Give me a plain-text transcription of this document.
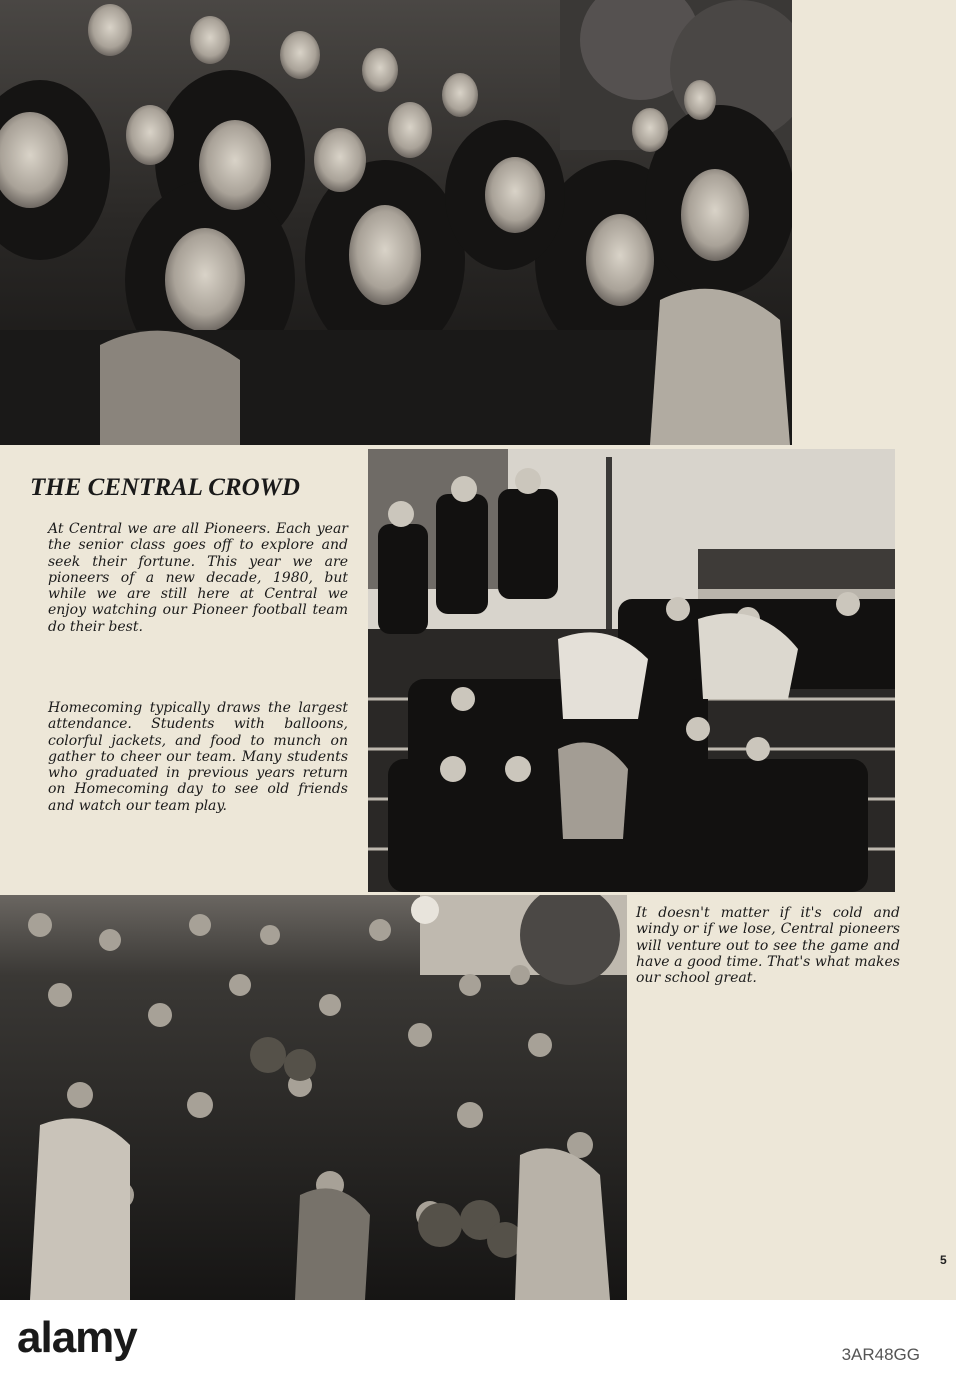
THE CENTRAL CROWD

At Central we are all Pioneers. Each year the senior class goes off to explore and seek their fortune. This year we are pioneers of a new decade, 1980, but while we are still here at Central we enjoy watching our Pioneer football team do their best.

Homecoming typically draws the largest attendance. Students with balloons, colorful jackets, and food to munch on gather to cheer our team. Many students who graduated in previous years return on Homecoming day to see old friends and watch our team play.

It doesn't matter if it's cold and windy or if we lose, Central pioneers will venture out to see the game and have a good time. That's what makes our school great.

5
alamy	3AR48GG
